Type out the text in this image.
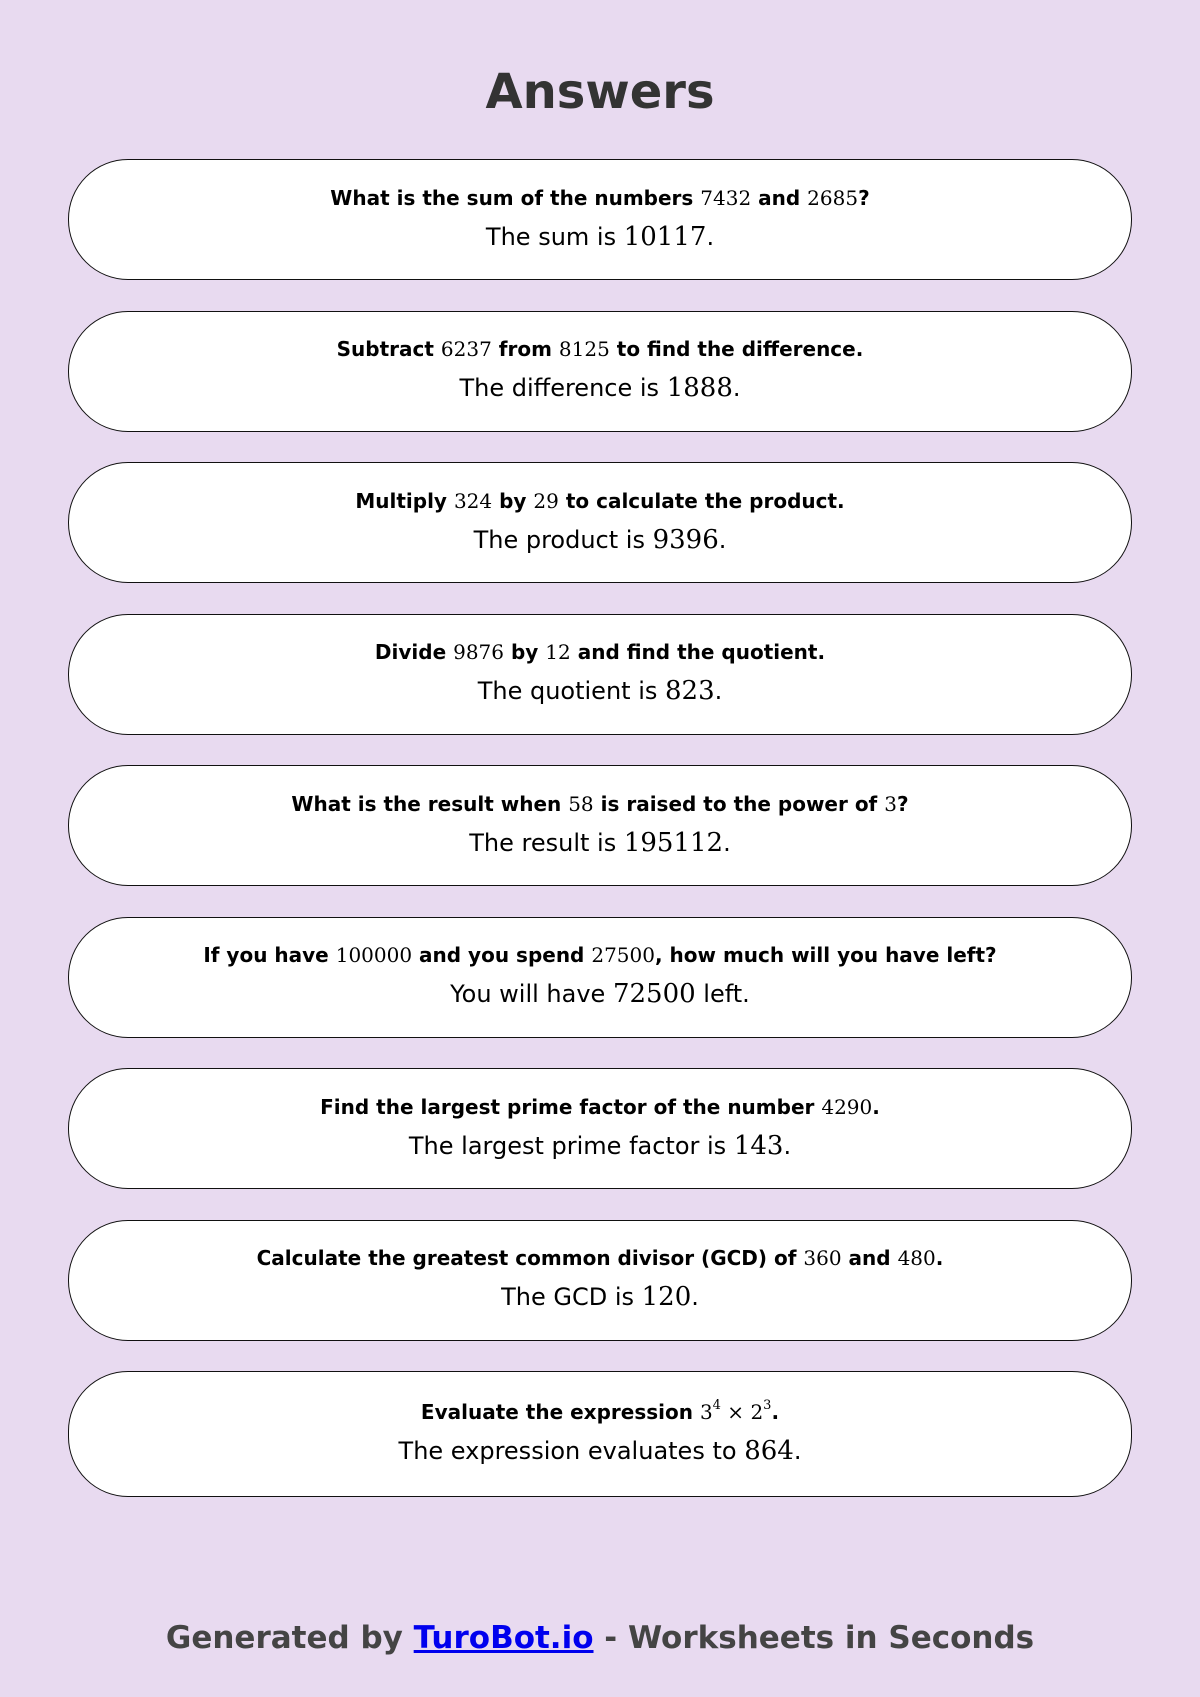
Answers
What is the sum of the numbers 7432 and 2685?
The sum is 10117.
Subtract 6237 from 8125 to find the difference.
The difference is 1888.
Multiply 324 by 29 to calculate the product.
The product is 9396.
Divide 9876 by 12 and find the quotient.
The quotient is 823.
What is the result when 58 is raised to the power of 3?
The result is 195112.
If you have 100000 and you spend 27500, how much will you have left?
You will have 72500 left.
Find the largest prime factor of the number 4290.
The largest prime factor is 143.
Calculate the greatest common divisor (GCD) of 360 and 480.
The GCD is 120.
Evaluate the expression $3^4 \times 2^3$.
The expression evaluates to 864.
Generated by TuroBot.io - Worksheets in Seconds
